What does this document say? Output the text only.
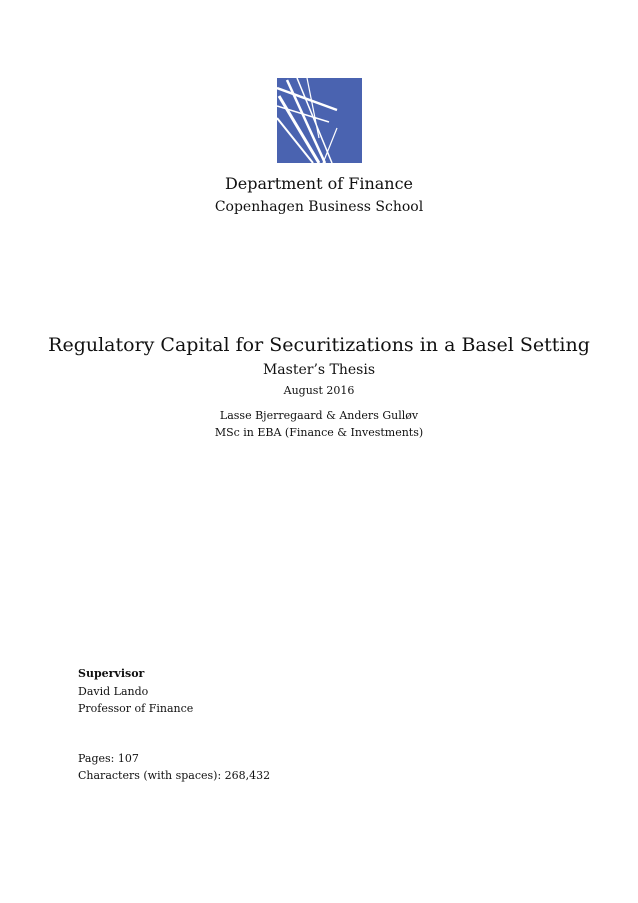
Department of Finance
Copenhagen Business School
Regulatory Capital for Securitizations in a Basel Setting
Master’s Thesis
August 2016
Lasse Bjerregaard & Anders Gulløv
MSc in EBA (Finance & Investments)
Supervisor
David Lando
Professor of Finance
Pages: 107
Characters (with spaces): 268,432
